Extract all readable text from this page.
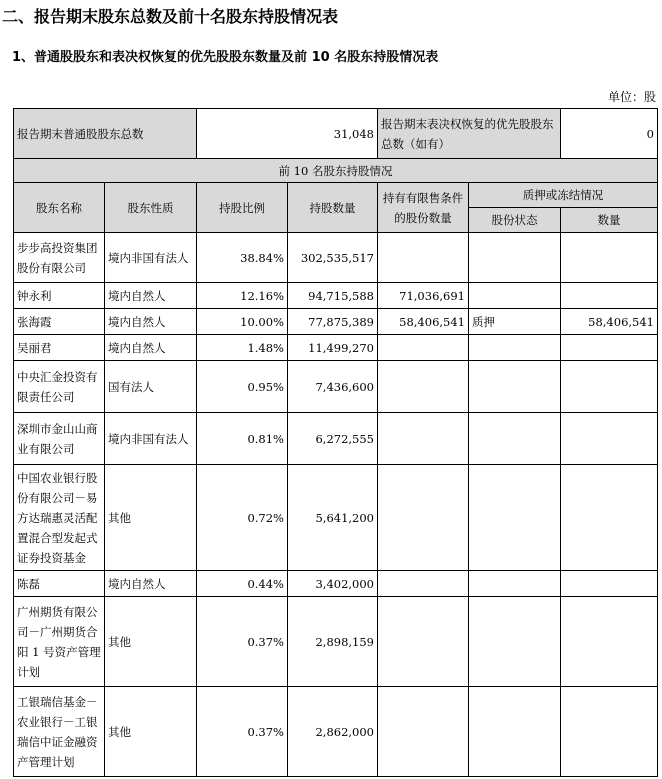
二、报告期末股东总数及前十名股东持股情况表
1、普通股股东和表决权恢复的优先股股东数量及前 10 名股东持股情况表
单位：股
报告期末普通股股东总数		31,048		报告期末表决权恢复的优先股股东总数（如有）		0
前 10 名股东持股情况						
股东名称	股东性质	持股比例	持股数量	持有有限售条件的股份数量	质押或冻结情况	
					股份状态	数量
步步高投资集团股份有限公司	境内非国有法人	38.84%	302,535,517			
钟永利	境内自然人	12.16%	94,715,588	71,036,691		
张海霞	境内自然人	10.00%	77,875,389	58,406,541	质押	58,406,541
吴丽君	境内自然人	1.48%	11,499,270			
中央汇金投资有限责任公司	国有法人	0.95%	7,436,600			
深圳市金山山商业有限公司	境内非国有法人	0.81%	6,272,555			
中国农业银行股份有限公司－易方达瑞惠灵活配置混合型发起式证券投资基金	其他	0.72%	5,641,200			
陈磊	境内自然人	0.44%	3,402,000			
广州期货有限公司－广州期货合阳 1 号资产管理计划	其他	0.37%	2,898,159			
工银瑞信基金－农业银行－工银瑞信中证金融资产管理计划	其他	0.37%	2,862,000			
